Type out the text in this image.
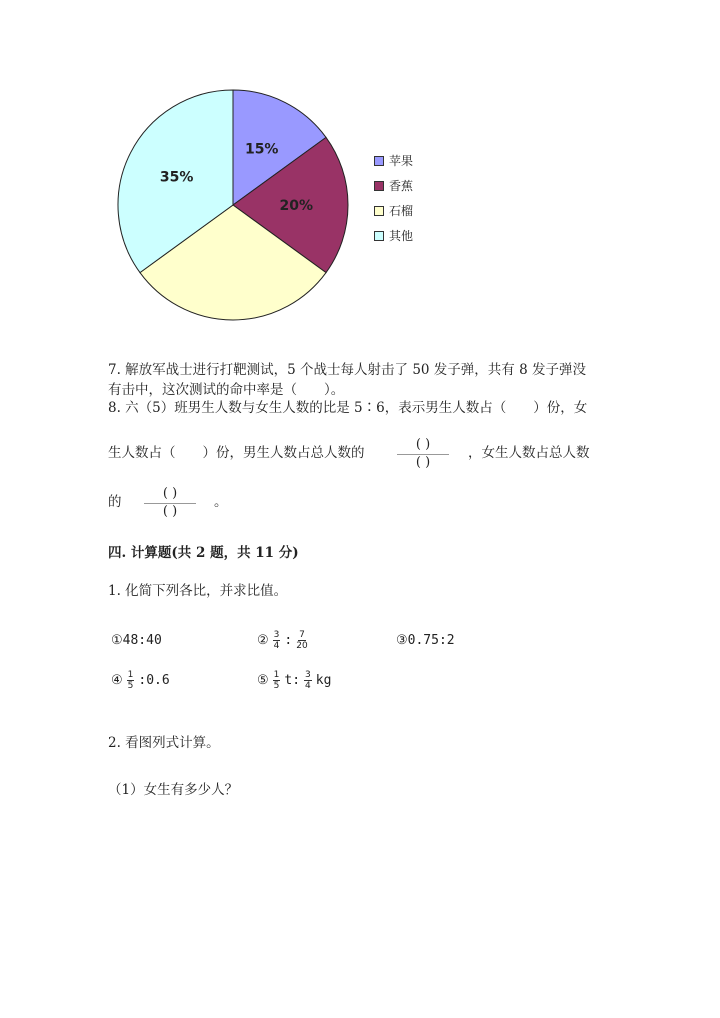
15%
20%
35%
苹果
香蕉
石榴
其他
7. 解放军战士进行打靶测试，5 个战士每人射击了 50 发子弹，共有 8 发子弹没
有击中，这次测试的命中率是（　　）。
8. 六（5）班男生人数与女生人数的比是 5∶6，表示男生人数占（　　）份，女
生人数占（　　）份，男生人数占总人数的
( )
( )
，女生人数占总人数
的
( )
( )
。
四. 计算题(共 2 题，共 11 分)
1. 化简下列各比，并求比值。
①48:40	② $\frac{3}{4}$ : $\frac{7}{20}$	③0.75:2
④ $\frac{1}{5}$ :0.6	⑤ $\frac{1}{5} t$: $\frac{3}{4}$ kg
2. 看图列式计算。
（1）女生有多少人？
